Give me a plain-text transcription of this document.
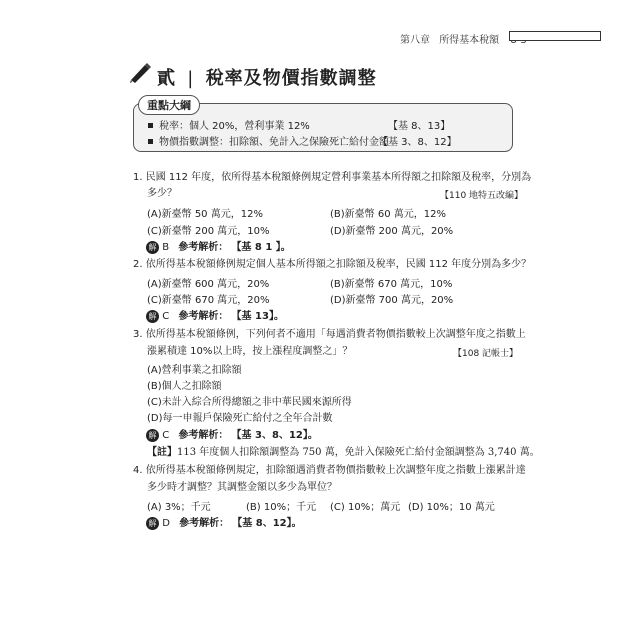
第八章 所得基本稅額
貳 | 稅率及物價指數調整
重點大綱
稅率：個人 20%，營利事業 12%	【基 8、13】
物價指數調整：扣除額、免計入之保險死亡給付金額
【基 3、8、12】
1. 民國 112 年度，依所得基本稅額條例規定營利事業基本所得額之扣除額及稅率，分別為
多少？	【110 地特五改編】
(A)新臺幣 50 萬元，12%	(B)新臺幣 60 萬元，12%
(C)新臺幣 200 萬元，10%	(D)新臺幣 200 萬元，20%
解 B 參考解析： 【基 8 1 】。
2. 依所得基本稅額條例規定個人基本所得額之扣除額及稅率，民國 112 年度分別為多少？
(A)新臺幣 600 萬元，20%	(B)新臺幣 670 萬元，10%
(C)新臺幣 670 萬元，20%	(D)新臺幣 700 萬元，20%
解 C 參考解析： 【基 13】。
3. 依所得基本稅額條例，下列何者不適用「每遇消費者物價指數較上次調整年度之指數上
漲累積達 10%以上時，按上漲程度調整之」？	【108 記帳士】
(A)營利事業之扣除額
(B)個人之扣除額
(C)未計入綜合所得總額之非中華民國來源所得
(D)每一申報戶保險死亡給付之全年合計數
解 C 參考解析： 【基 3、8、12】。
【註】113 年度個人扣除額調整為 750 萬，免計入保險死亡給付金額調整為 3,740 萬。
4. 依所得基本稅額條例規定，扣除額遇消費者物價指數較上次調整年度之指數上漲累計達
多少時才調整？其調整金額以多少為單位？
(A) 3%；千元	(B) 10%；千元 (C) 10%；萬元 (D) 10%；10 萬元
解 D 參考解析： 【基 8、12】。
